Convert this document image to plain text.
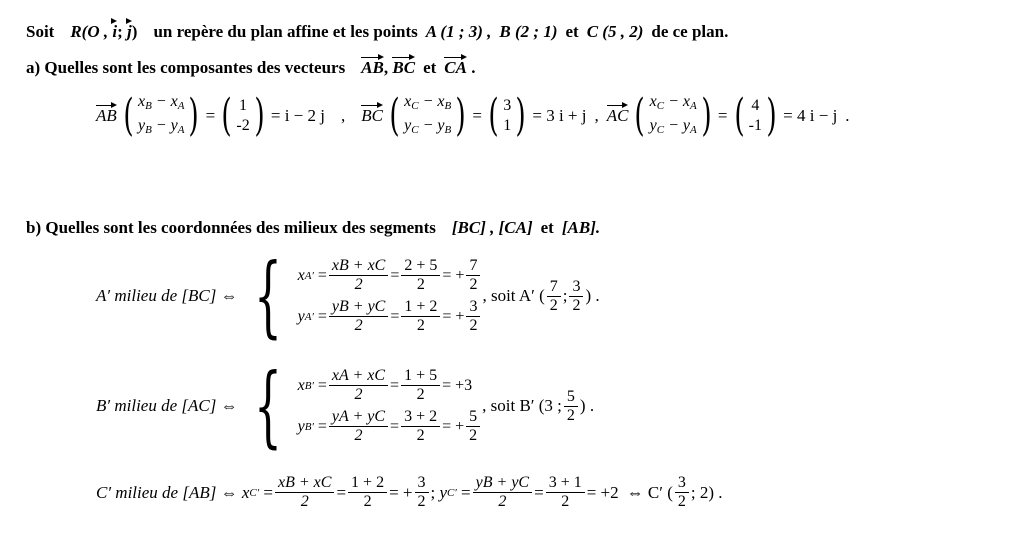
Soit R(O ,
i ;
j ) un repère du plan affine et les points A (1 ; 3) , B (2 ; 1) et C (5 , 2) de ce plan.
a) Quelles sont les composantes des vecteurs AB ,
BC et CA
.
AB ( $x_B - x_A$
$y_B - y_A$ ) = ( 1
-2 ) = i − 2 j , BC ( $x_C - x_B$
$y_C - y_B$ ) = ( 3
1 ) = 3 i + j , AC ( $x_C - x_A$
$y_C - y_A$ ) = ( 4
-1 ) = 4 i − j .
b) Quelles sont les coordonnées des milieux des segments [BC] ,
[CA] et [AB].
A′ milieu de [BC] ⇔ { x $A' = \frac{xB + xC}{2} = \frac{2 + 5}{2}$ = + $\frac{7}{2}$
y $A' = \frac{yB + yC}{2} = \frac{1 + 2}{2}$ = + $\frac{3}{2}$
, soit A′ ( $\frac{7}{2}$ ; $\frac{3}{2}$ ) .
B′ milieu de [AC] ⇔ { x $B' = \frac{xA + xC}{2} = \frac{1 + 5}{2} = +3$
y $B' = \frac{yA + yC}{2} = \frac{3 + 2}{2}$ = + $\frac{5}{2}$
, soit B′ (3 ; $\frac{5}{2}$ ) .
C′ milieu de [AB] ⇔
x $C' = \frac{xB + xC}{2} = \frac{1 + 2}{2}$ = + $\frac{3}{2}$ ; y $C' = \frac{yB + yC}{2} = \frac{3 + 1}{2} = +2$ ⇔ C′ ( $\frac{3}{2}$ ; 2) .
